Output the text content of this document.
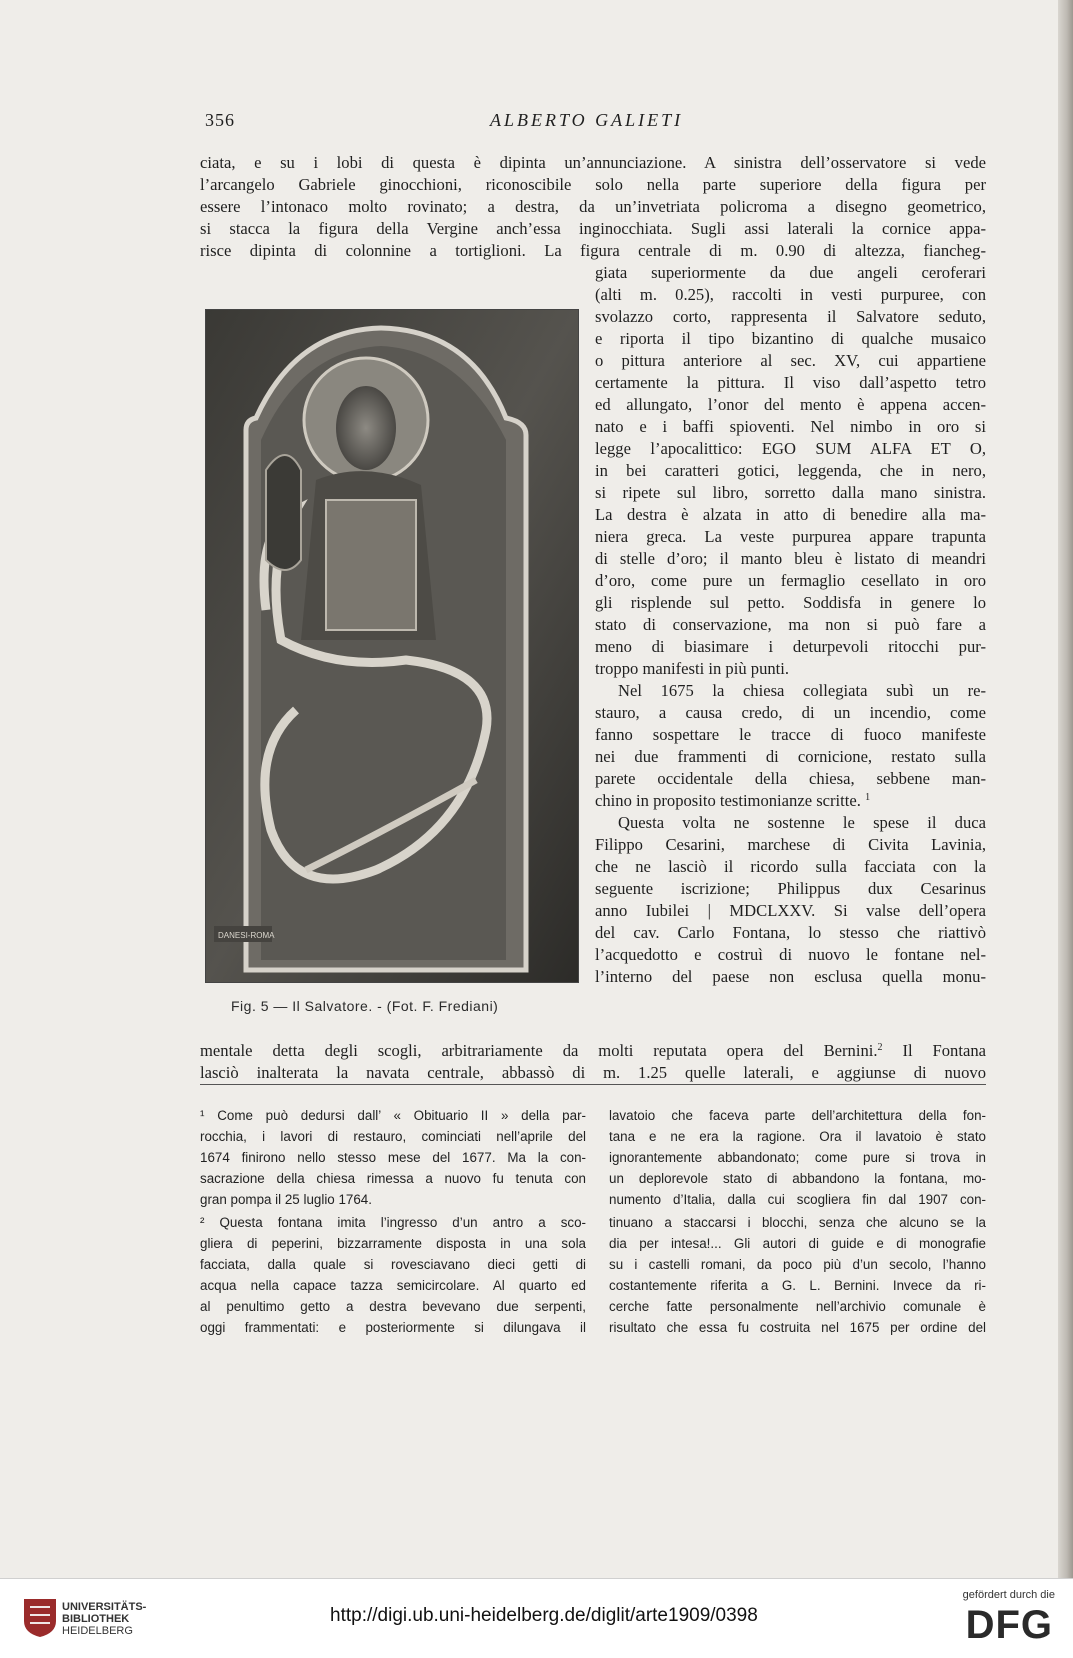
356	ALBERTO GALIETI
ciata, e su i lobi di questa è dipinta un’annunciazione. A sinistra dell’osservatore si vede
l’arcangelo Gabriele ginocchioni, riconoscibile solo nella parte superiore della figura per
essere l’intonaco molto rovinato; a destra, da un’invetriata policroma a disegno geometrico,
si stacca la figura della Vergine anch’essa inginocchiata. Sugli assi laterali la cornice appa-
risce dipinta di colonnine a tortiglioni. La figura centrale di m. 0.90 di altezza, fiancheg-
DANESI-ROMA
giata superiormente da due angeli ceroferari
(alti m. 0.25), raccolti in vesti purpuree, con
svolazzo corto, rappresenta il Salvatore seduto,
e riporta il tipo bizantino di qualche musaico
o pittura anteriore al sec. XV, cui appartiene
certamente la pittura. Il viso dall’aspetto tetro
ed allungato, l’onor del mento è appena accen-
nato e i baffi spioventi. Nel nimbo in oro si
legge l’apocalittico: EGO SUM ALFA ET O,
in bei caratteri gotici, leggenda, che in nero,
si ripete sul libro, sorretto dalla mano sinistra.
La destra è alzata in atto di benedire alla ma-
niera greca. La veste purpurea appare trapunta
di stelle d’oro; il manto bleu è listato di meandri
d’oro, come pure un fermaglio cesellato in oro
gli risplende sul petto. Soddisfa in genere lo
stato di conservazione, ma non si può fare a
meno di biasimare i deturpevoli ritocchi pur-
troppo manifesti in più punti.
Nel 1675 la chiesa collegiata subì un re-
stauro, a causa credo, di un incendio, come
fanno sospettare le tracce di fuoco manifeste
nei due frammenti di cornicione, restato sulla
parete occidentale della chiesa, sebbene man-
chino in proposito testimonianze scritte. $^1$
Questa volta ne sostenne le spese il duca
Filippo Cesarini, marchese di Civita Lavinia,
che ne lasciò il ricordo sulla facciata con la
seguente iscrizione; Philippus dux Cesarinus
anno Iubilei | MDCLXXV. Si valse dell’opera
del cav. Carlo Fontana, lo stesso che riattivò
l’acquedotto e costruì di nuovo le fontane nel-
l’interno del paese non esclusa quella monu-
Fig. 5 — Il Salvatore. - (Fot. F. Frediani)
mentale detta degli scogli, arbitrariamente da molti reputata opera del Bernini.$^2$ Il Fontana
lasciò inalterata la navata centrale, abbassò di m. 1.25 quelle laterali, e aggiunse di nuovo
¹ Come può dedursi dall’ « Obituario II » della par-
rocchia, i lavori di restauro, cominciati nell’aprile del
1674 finirono nello stesso mese del 1677. Ma la con-
sacrazione della chiesa rimessa a nuovo fu tenuta con
gran pompa il 25 luglio 1764.
² Questa fontana imita l’ingresso d’un antro a sco-
gliera di peperini, bizzarramente disposta in una sola
facciata, dalla quale si rovesciavano dieci getti di
acqua nella capace tazza semicircolare. Al quarto ed
al penultimo getto a destra bevevano due serpenti,
oggi frammentati: e posteriormente si dilungava il
lavatoio che faceva parte dell’architettura della fon-
tana e ne era la ragione. Ora il lavatoio è stato
ignorantemente abbandonato; come pure si trova in
un deplorevole stato di abbandono la fontana, mo-
numento d’Italia, dalla cui scogliera fin dal 1907 con-
tinuano a staccarsi i blocchi, senza che alcuno se la
dia per intesa!... Gli autori di guide e di monografie
su i castelli romani, da poco più d’un secolo, l’hanno
costantemente riferita a G. L. Bernini. Invece da ri-
cerche fatte personalmente nell’archivio comunale è
risultato che essa fu costruita nel 1675 per ordine del
UNIVERSITÄTS-
BIBLIOTHEK
HEIDELBERG
http://digi.ub.uni-heidelberg.de/diglit/arte1909/0398
gefördert durch die
DFG
